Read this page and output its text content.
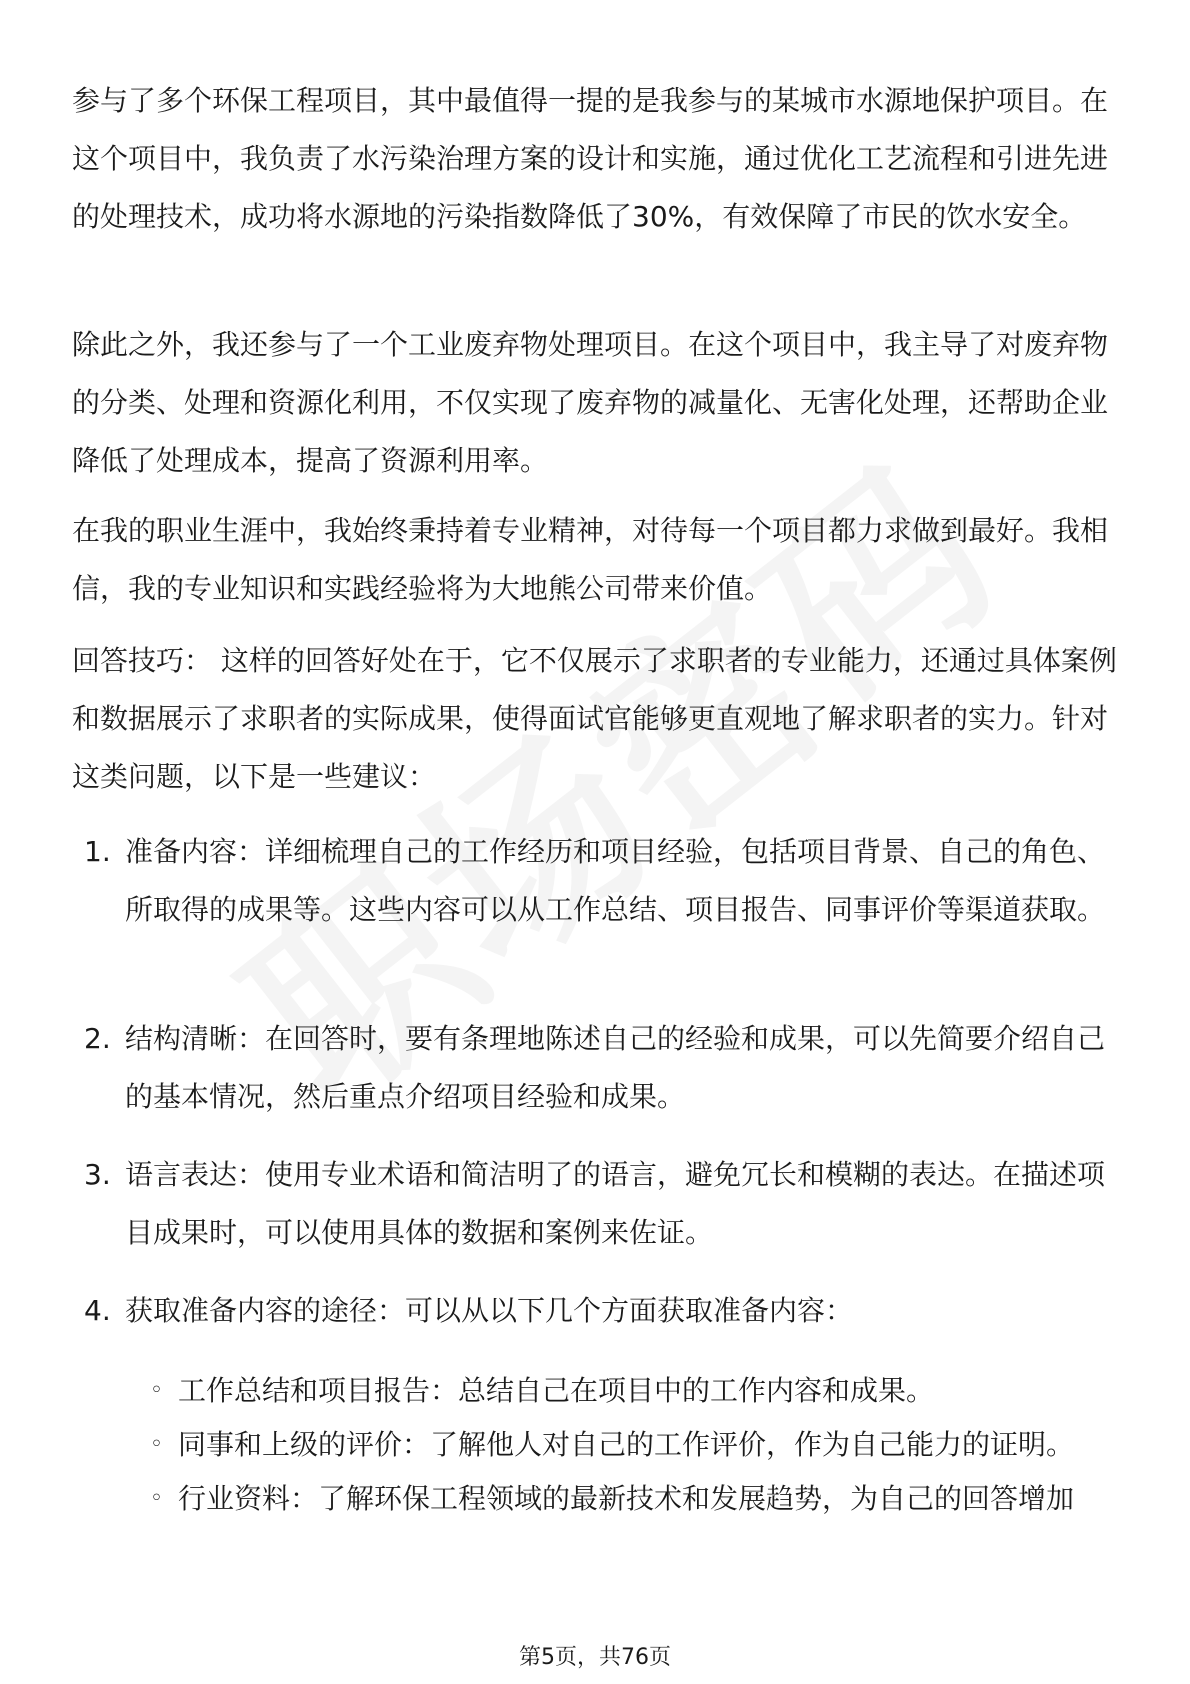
参与了多个环保工程项目，其中最值得一提的是我参与的某城市水源地保护项目。在这个项目中，我负责了水污染治理方案的设计和实施，通过优化工艺流程和引进先进的处理技术，成功将水源地的污染指数降低了30%，有效保障了市民的饮水安全。

除此之外，我还参与了一个工业废弃物处理项目。在这个项目中，我主导了对废弃物的分类、处理和资源化利用，不仅实现了废弃物的减量化、无害化处理，还帮助企业降低了处理成本，提高了资源利用率。

在我的职业生涯中，我始终秉持着专业精神，对待每一个项目都力求做到最好。我相信，我的专业知识和实践经验将为大地熊公司带来价值。

回答技巧： 这样的回答好处在于，它不仅展示了求职者的专业能力，还通过具体案例和数据展示了求职者的实际成果，使得面试官能够更直观地了解求职者的实力。针对这类问题，以下是一些建议：

1. 准备内容：详细梳理自己的工作经历和项目经验，包括项目背景、自己的角色、所取得的成果等。这些内容可以从工作总结、项目报告、同事评价等渠道获取。
2. 结构清晰：在回答时，要有条理地陈述自己的经验和成果，可以先简要介绍自己的基本情况，然后重点介绍项目经验和成果。
3. 语言表达：使用专业术语和简洁明了的语言，避免冗长和模糊的表达。在描述项目成果时，可以使用具体的数据和案例来佐证。
4. 获取准备内容的途径：可以从以下几个方面获取准备内容：
◦ 工作总结和项目报告：总结自己在项目中的工作内容和成果。
◦ 同事和上级的评价：了解他人对自己的工作评价，作为自己能力的证明。
◦ 行业资料：了解环保工程领域的最新技术和发展趋势，为自己的回答增加
第5页，共76页
